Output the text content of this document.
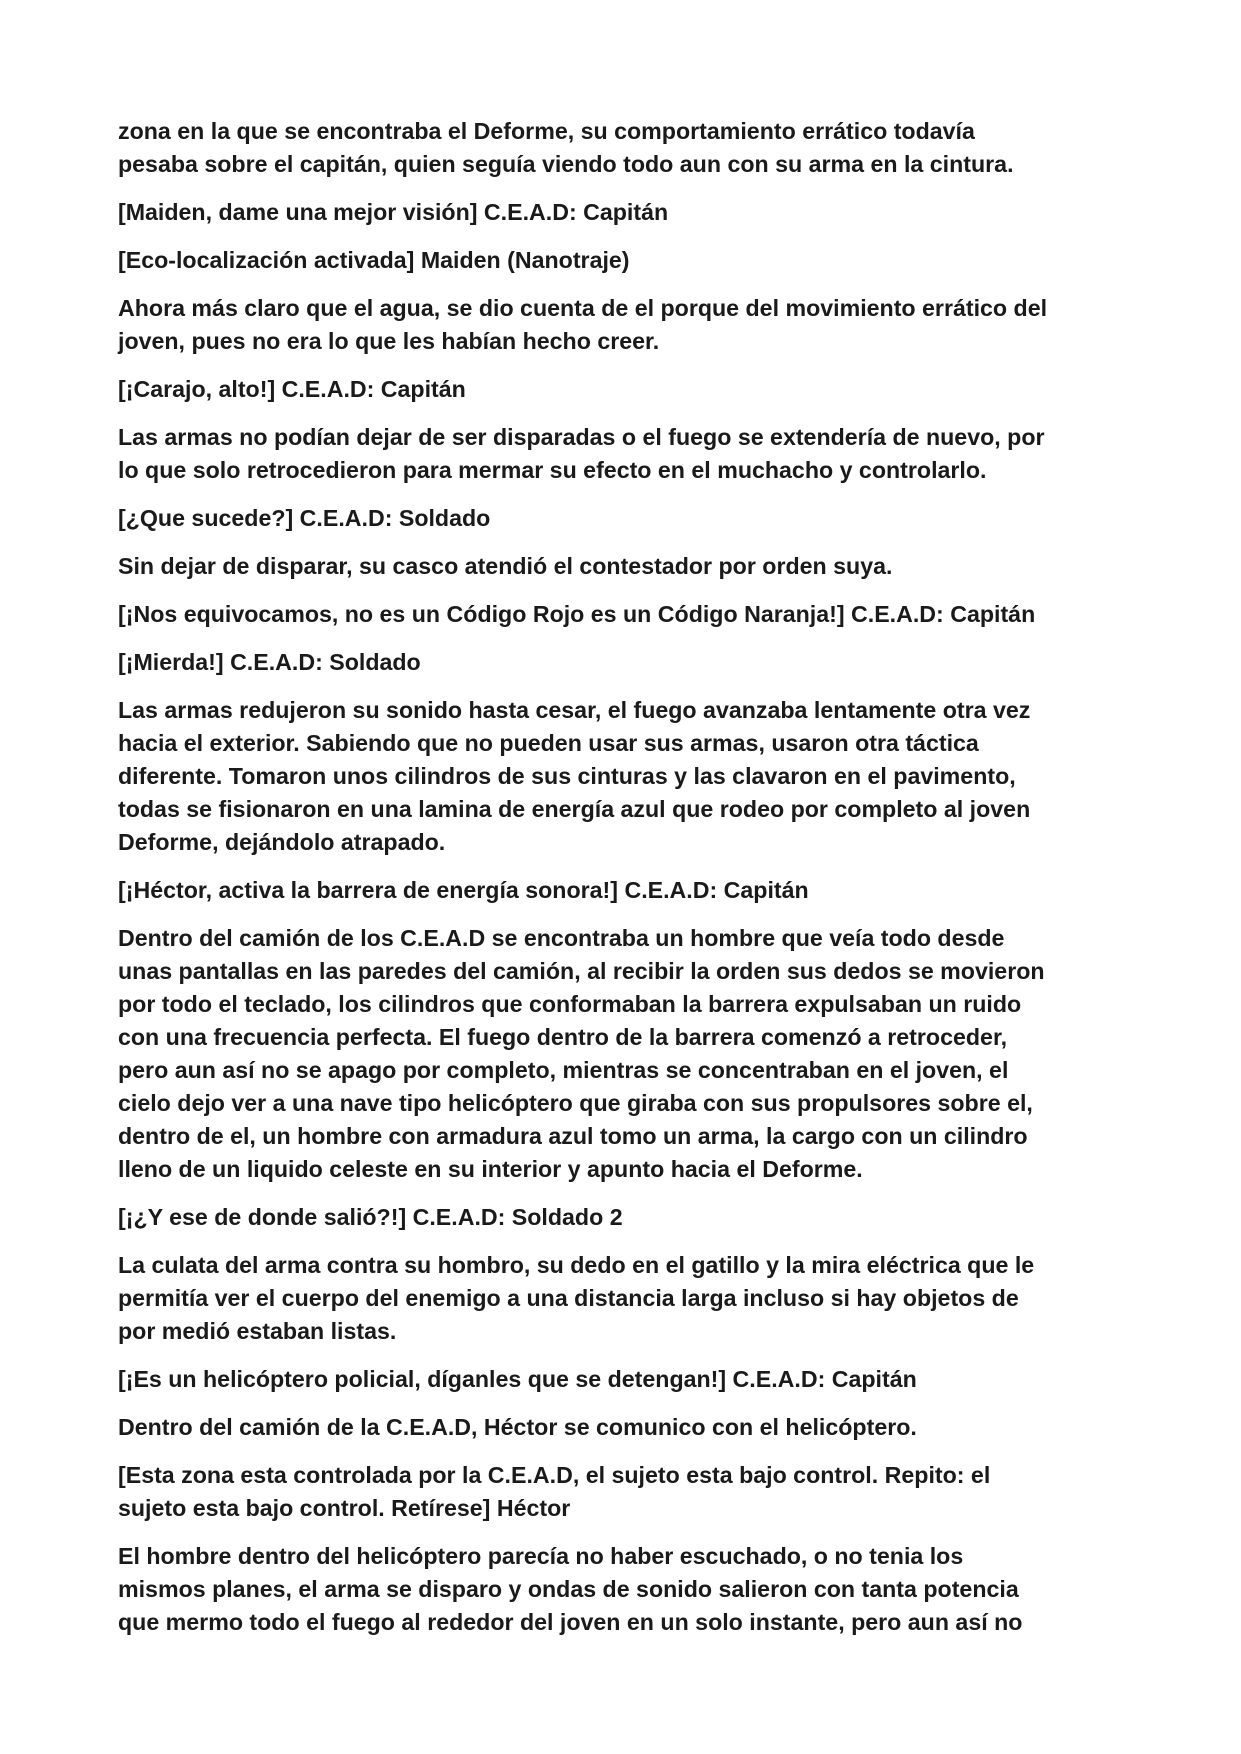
zona en la que se encontraba el Deforme, su comportamiento errático todavía
pesaba sobre el capitán, quien seguía viendo todo aun con su arma en la cintura.

[Maiden, dame una mejor visión] C.E.A.D: Capitán

[Eco-localización activada] Maiden (Nanotraje)

Ahora más claro que el agua, se dio cuenta de el porque del movimiento errático del
joven, pues no era lo que les habían hecho creer.

[¡Carajo, alto!] C.E.A.D: Capitán

Las armas no podían dejar de ser disparadas o el fuego se extendería de nuevo, por
lo que solo retrocedieron para mermar su efecto en el muchacho y controlarlo.

[¿Que sucede?] C.E.A.D: Soldado

Sin dejar de disparar, su casco atendió el contestador por orden suya.

[¡Nos equivocamos, no es un Código Rojo es un Código Naranja!] C.E.A.D: Capitán

[¡Mierda!] C.E.A.D: Soldado

Las armas redujeron su sonido hasta cesar, el fuego avanzaba lentamente otra vez
hacia el exterior. Sabiendo que no pueden usar sus armas, usaron otra táctica
diferente. Tomaron unos cilindros de sus cinturas y las clavaron en el pavimento,
todas se fisionaron en una lamina de energía azul que rodeo por completo al joven
Deforme, dejándolo atrapado.

[¡Héctor, activa la barrera de energía sonora!] C.E.A.D: Capitán

Dentro del camión de los C.E.A.D se encontraba un hombre que veía todo desde
unas pantallas en las paredes del camión, al recibir la orden sus dedos se movieron
por todo el teclado, los cilindros que conformaban la barrera expulsaban un ruido
con una frecuencia perfecta. El fuego dentro de la barrera comenzó a retroceder,
pero aun así no se apago por completo, mientras se concentraban en el joven, el
cielo dejo ver a una nave tipo helicóptero que giraba con sus propulsores sobre el,
dentro de el, un hombre con armadura azul tomo un arma, la cargo con un cilindro
lleno de un liquido celeste en su interior y apunto hacia el Deforme.

[¡¿Y ese de donde salió?!] C.E.A.D: Soldado 2

La culata del arma contra su hombro, su dedo en el gatillo y la mira eléctrica que le
permitía ver el cuerpo del enemigo a una distancia larga incluso si hay objetos de
por medió estaban listas.

[¡Es un helicóptero policial, díganles que se detengan!] C.E.A.D: Capitán

Dentro del camión de la C.E.A.D, Héctor se comunico con el helicóptero.

[Esta zona esta controlada por la C.E.A.D, el sujeto esta bajo control. Repito: el
sujeto esta bajo control. Retírese] Héctor

El hombre dentro del helicóptero parecía no haber escuchado, o no tenia los
mismos planes, el arma se disparo y ondas de sonido salieron con tanta potencia
que mermo todo el fuego al rededor del joven en un solo instante, pero aun así no
